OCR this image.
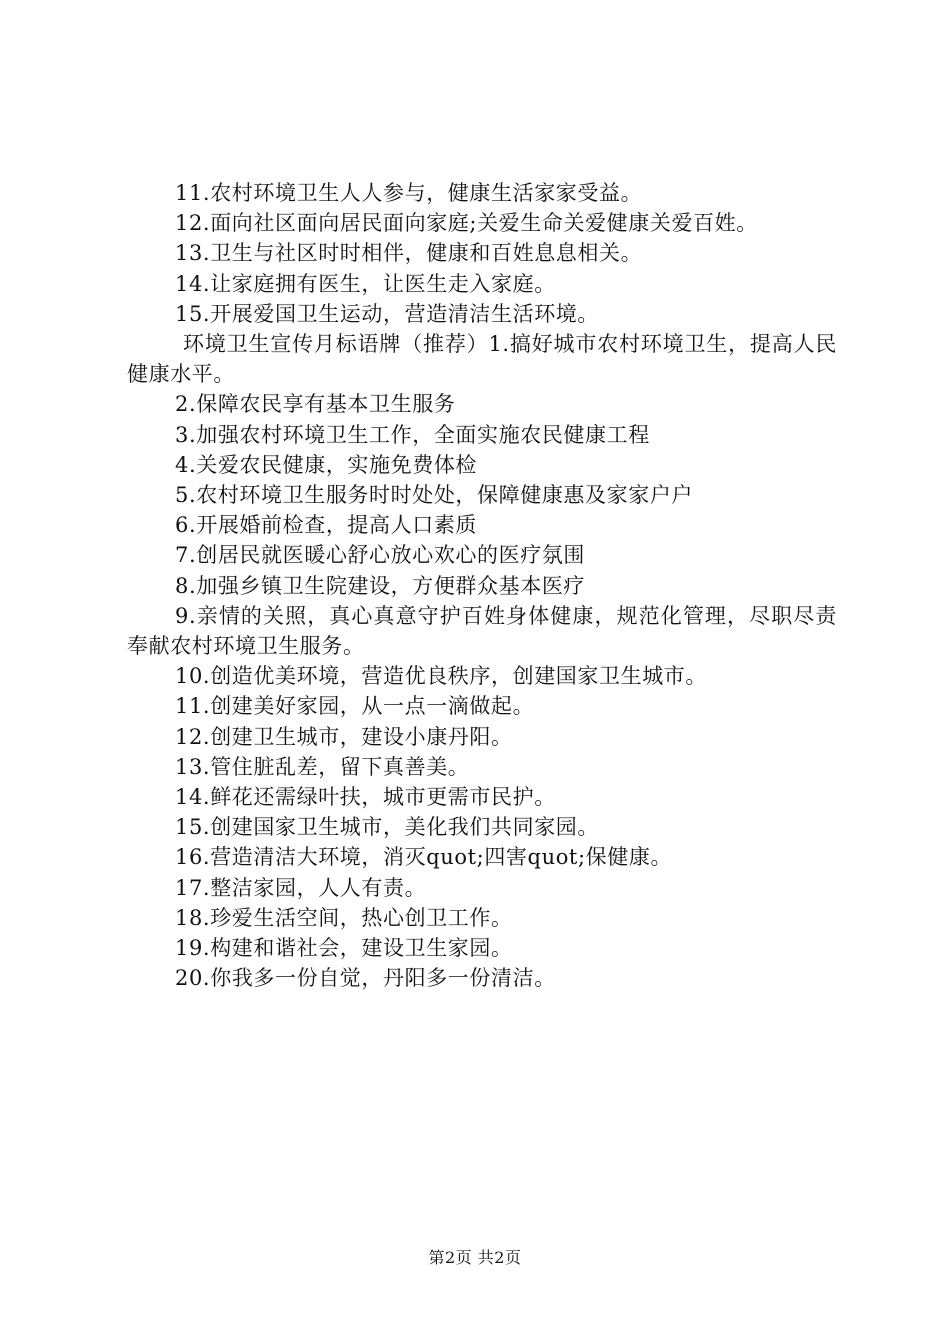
11.农村环境卫生人人参与，健康生活家家受益。

12.面向社区面向居民面向家庭;关爱生命关爱健康关爱百姓。

13.卫生与社区时时相伴，健康和百姓息息相关。

14.让家庭拥有医生，让医生走入家庭。

15.开展爱国卫生运动，营造清洁生活环境。

环境卫生宣传月标语牌（推荐）1.搞好城市农村环境卫生，提高人民健康水平。

2.保障农民享有基本卫生服务

3.加强农村环境卫生工作，全面实施农民健康工程

4.关爱农民健康，实施免费体检

5.农村环境卫生服务时时处处，保障健康惠及家家户户

6.开展婚前检查，提高人口素质

7.创居民就医暖心舒心放心欢心的医疗氛围

8.加强乡镇卫生院建设，方便群众基本医疗

9.亲情的关照，真心真意守护百姓身体健康，规范化管理，尽职尽责奉献农村环境卫生服务。

10.创造优美环境，营造优良秩序，创建国家卫生城市。

11.创建美好家园，从一点一滴做起。

12.创建卫生城市，建设小康丹阳。

13.管住脏乱差，留下真善美。

14.鲜花还需绿叶扶，城市更需市民护。

15.创建国家卫生城市，美化我们共同家园。

16.营造清洁大环境，消灭quot;四害quot;保健康。

17.整洁家园，人人有责。

18.珍爱生活空间，热心创卫工作。

19.构建和谐社会，建设卫生家园。

20.你我多一份自觉，丹阳多一份清洁。

第2页 共2页
